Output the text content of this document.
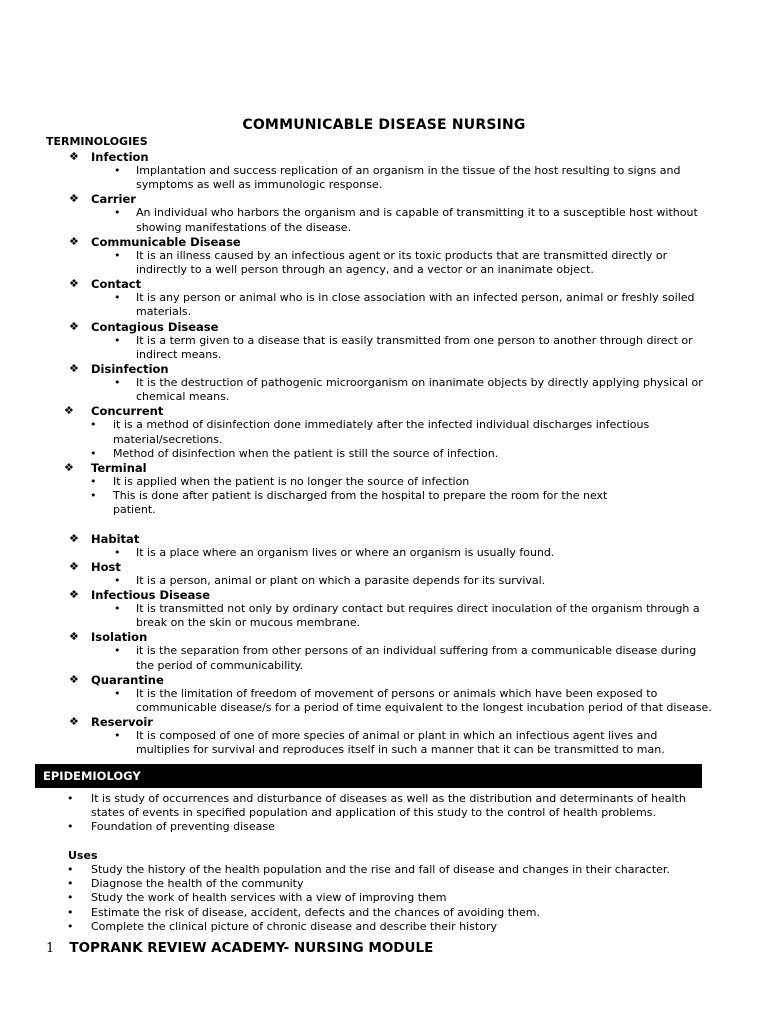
COMMUNICABLE DISEASE NURSING
TERMINOLOGIES
❖ Infection
• Implantation and success replication of an organism in the tissue of the host resulting to signs and symptoms as well as immunologic response.
❖ Carrier
• An individual who harbors the organism and is capable of transmitting it to a susceptible host without showing manifestations of the disease.
❖ Communicable Disease
• It is an illness caused by an infectious agent or its toxic products that are transmitted directly or indirectly to a well person through an agency, and a vector or an inanimate object.
❖ Contact
• It is any person or animal who is in close association with an infected person, animal or freshly soiled materials.
❖ Contagious Disease
• It is a term given to a disease that is easily transmitted from one person to another through direct or indirect means.
❖ Disinfection
• It is the destruction of pathogenic microorganism on inanimate objects by directly applying physical or chemical means.
❖ Concurrent
• it is a method of disinfection done immediately after the infected individual discharges infectious material/secretions.
• Method of disinfection when the patient is still the source of infection.
❖ Terminal
• It is applied when the patient is no longer the source of infection
• This is done after patient is discharged from the hospital to prepare the room for the next patient.
❖ Habitat
• It is a place where an organism lives or where an organism is usually found.
❖ Host
• It is a person, animal or plant on which a parasite depends for its survival.
❖ Infectious Disease
• It is transmitted not only by ordinary contact but requires direct inoculation of the organism through a break on the skin or mucous membrane.
❖ Isolation
• it is the separation from other persons of an individual suffering from a communicable disease during the period of communicability.
❖ Quarantine
• It is the limitation of freedom of movement of persons or animals which have been exposed to communicable disease/s for a period of time equivalent to the longest incubation period of that disease.
❖ Reservoir
• It is composed of one of more species of animal or plant in which an infectious agent lives and multiplies for survival and reproduces itself in such a manner that it can be transmitted to man.
EPIDEMIOLOGY
• It is study of occurrences and disturbance of diseases as well as the distribution and determinants of health states of events in specified population and application of this study to the control of health problems.
• Foundation of preventing disease
Uses
• Study the history of the health population and the rise and fall of disease and changes in their character.
• Diagnose the health of the community
• Study the work of health services with a view of improving them
• Estimate the risk of disease, accident, defects and the chances of avoiding them.
• Complete the clinical picture of chronic disease and describe their history
1 TOPRANK REVIEW ACADEMY- NURSING MODULE
